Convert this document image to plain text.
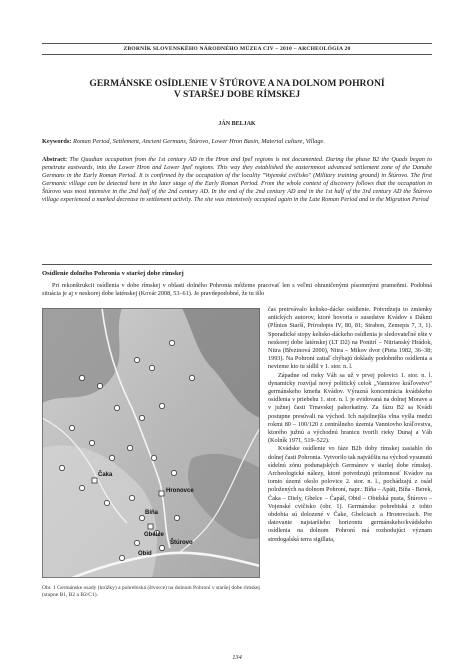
ZBORNÍK SLOVENSKÉHO NÁRODNÉHO MÚZEA CIV – 2010 – ARCHEOLÓGIA 20
GERMÁNSKE OSÍDLENIE V ŠTÚROVE A NA DOLNOM POHRONÍ
V STARŠEJ DOBE RÍMSKEJ
JÁN BELJAK
Keywords: Roman Period, Settlement, Ancient Germans, Štúrovo, Lower Hron Basin, Material culture, Village.
Abstract: The Quadian occupation from the 1st century AD in the Hron and Ipeľ regions is not documented. During the phase B2 the Quads began to penetrate eastwards, into the Lower Hron and Lower Ipeľ regions. This way they established the easternmost advanced settlement zone of the Danube Germans in the Early Roman Period. It is confirmed by the occupation of the locality "Vojenské cvičisko" (Military training ground) in Štúrovo. The first Germanic village can be detected here in the later stage of the Early Roman Period. From the whole context of discovery follows that the occupation in Štúrovo was most intensive in the 2nd half of the 2nd century AD. In the end of the 2nd century AD and in the 1st half of the 3rd century AD the Štúrovo village experienced a marked decrease in settlement activity. The site was intensively occupied again in the Late Roman Period and in the Migration Period
Osídlenie dolného Pohronia v staršej dobe rímskej
Pri rekonštrukcii osídlenia v dobe rímskej v oblasti dolného Pohronia môžeme pracovať len s veľmi ohraničenými písomnými prameňmi. Podobná situácia je aj v neskorej dobe laténskej (Kovár 2008, 53–61). Je pravdepodobné, že tu išlo
Čaka
Hronovce
Bíňa
Gbelce
Štúrovo
Obid
Obr. 1 Germánske osady (krúžky) a pohrebiská (štvorce) na dolnom Pohroní v staršej dobe rímskej (stupne B1, B2 a B2/C1).

čas pretrvávalo keltsko-dácke osídlenie. Potvrdzuju to zmienky antických autorov, ktoré hovoria o susedstve Kvádov s Dákmi (Plínius Starší, Prírodopis IV, 80, 81; Strabon, Zemepis 7, 3, 1). Sporadické stopy keltsko-dáckeho osídlenia je sledovateľné ešte v neskorej dobe laténskej (LT D2) na Ponitrí – Nitrianský Hrádok, Nitra (Březinová 2000), Nitra – Mikov dvor (Pieta 1982, 36–38; 1993). Na Pohroní zatiaľ chýbajú doklady podobného osídlenia a nevieme kto tu sídlil v 1. stor. n. l.

Západne od rieky Váh sa už v prvej polovici 1. stor. n. l. dynamicky rozvíjal nový politický celok „Vanniove kráľovstvo“ germánskeho kmeňa Kvádov. Výrazná koncentrácia kvádskeho osídlenia v priebehu 1. stor. n. l. je evidovaná na dolnej Morave a v južnej časti Trnavskej pahorkatiny. Za fázu B2 sa Kvádi postupne presúvali na východ. Ich najsilnejšia vlna vyšla medzi rokmi 80 – 100/120 z centrálneho územia Vanniovho kráľovstva, ktorého južnú a východnú hranicu tvorili rieky Dunaj a Váh (Kolník 1971, 519–522).

Kvádske osídlenie vo fáze B2b doby rímskej zasiahlo do dolnej časti Pohronia. Vytvorilo tak najväčšiu na východ vysunutú sídelnú zónu podunajských Germánov v staršej dobe rímskej. Archeologické nálezy, ktoré potvrdzujú prítomnosť Kvádov na tomto území okolo polovice 2. stor. n. l., pochádzajú z osád položených na dolnom Pohroní, napr.: Bíňa – Apáti, Bíňa - Berek, Čaka – Diely, Gbelce – Čapáš, Obid – Obidská pusta, Štúrovo – Vojenské cvičisko (obr. 1). Germánske pohrebiská z tohto obdobia sú dolozené v Čake, Gbelciach a Hronovciach. Pre datovanie najstaršieho horizontu germánskeho/kvádskeho osídlenia na dolnom Pohroní má rozhodujúci význam stredogalská terra sigillata,

134
